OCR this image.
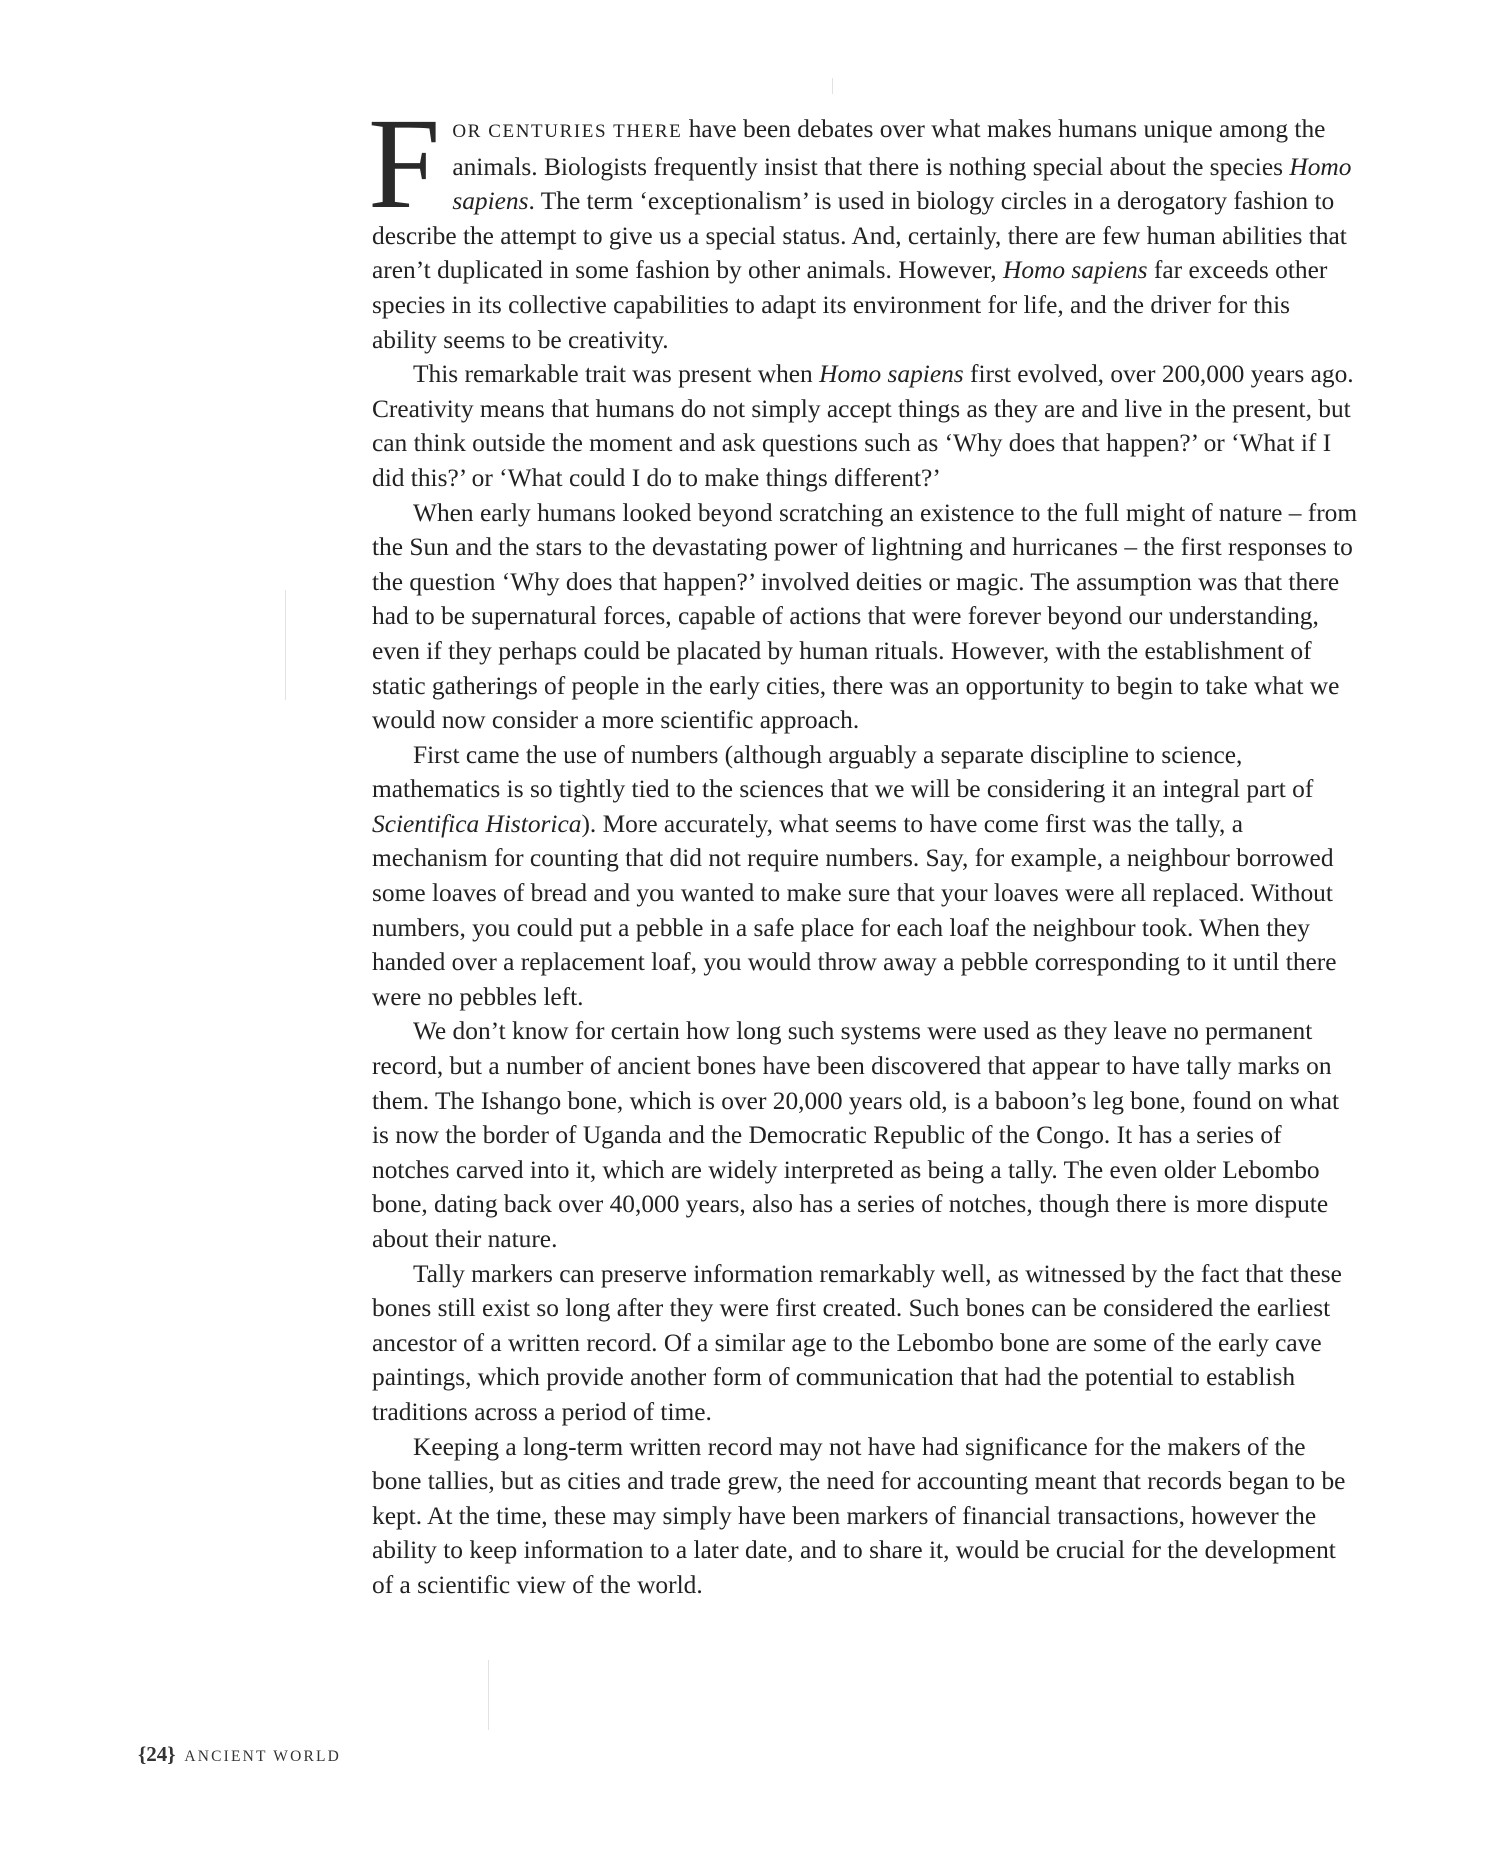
FOR CENTURIES THERE have been debates over what makes humans unique among the animals. Biologists frequently insist that there is nothing special about the species Homo sapiens. The term ‘exceptionalism’ is used in biology circles in a derogatory fashion to describe the attempt to give us a special status. And, certainly, there are few human abilities that aren’t duplicated in some fashion by other animals. However, Homo sapiens far exceeds other species in its collective capabilities to adapt its environment for life, and the driver for this ability seems to be creativity.

This remarkable trait was present when Homo sapiens first evolved, over 200,000 years ago. Creativity means that humans do not simply accept things as they are and live in the present, but can think outside the moment and ask questions such as ‘Why does that happen?’ or ‘What if I did this?’ or ‘What could I do to make things different?’

When early humans looked beyond scratching an existence to the full might of nature – from the Sun and the stars to the devastating power of lightning and hurricanes – the first responses to the question ‘Why does that happen?’ involved deities or magic. The assumption was that there had to be supernatural forces, capable of actions that were forever beyond our understanding, even if they perhaps could be placated by human rituals. However, with the establishment of static gatherings of people in the early cities, there was an opportunity to begin to take what we would now consider a more scientific approach.

First came the use of numbers (although arguably a separate discipline to science, mathematics is so tightly tied to the sciences that we will be considering it an integral part of Scientifica Historica). More accurately, what seems to have come first was the tally, a mechanism for counting that did not require numbers. Say, for example, a neighbour borrowed some loaves of bread and you wanted to make sure that your loaves were all replaced. Without numbers, you could put a pebble in a safe place for each loaf the neighbour took. When they handed over a replacement loaf, you would throw away a pebble corresponding to it until there were no pebbles left.

We don’t know for certain how long such systems were used as they leave no permanent record, but a number of ancient bones have been discovered that appear to have tally marks on them. The Ishango bone, which is over 20,000 years old, is a baboon’s leg bone, found on what is now the border of Uganda and the Democratic Republic of the Congo. It has a series of notches carved into it, which are widely interpreted as being a tally. The even older Lebombo bone, dating back over 40,000 years, also has a series of notches, though there is more dispute about their nature.

Tally markers can preserve information remarkably well, as witnessed by the fact that these bones still exist so long after they were first created. Such bones can be considered the earliest ancestor of a written record. Of a similar age to the Lebombo bone are some of the early cave paintings, which provide another form of communication that had the potential to establish traditions across a period of time.

Keeping a long-term written record may not have had significance for the makers of the bone tallies, but as cities and trade grew, the need for accounting meant that records began to be kept. At the time, these may simply have been markers of financial transactions, however the ability to keep information to a later date, and to share it, would be crucial for the development of a scientific view of the world.

{24} ANCIENT WORLD
